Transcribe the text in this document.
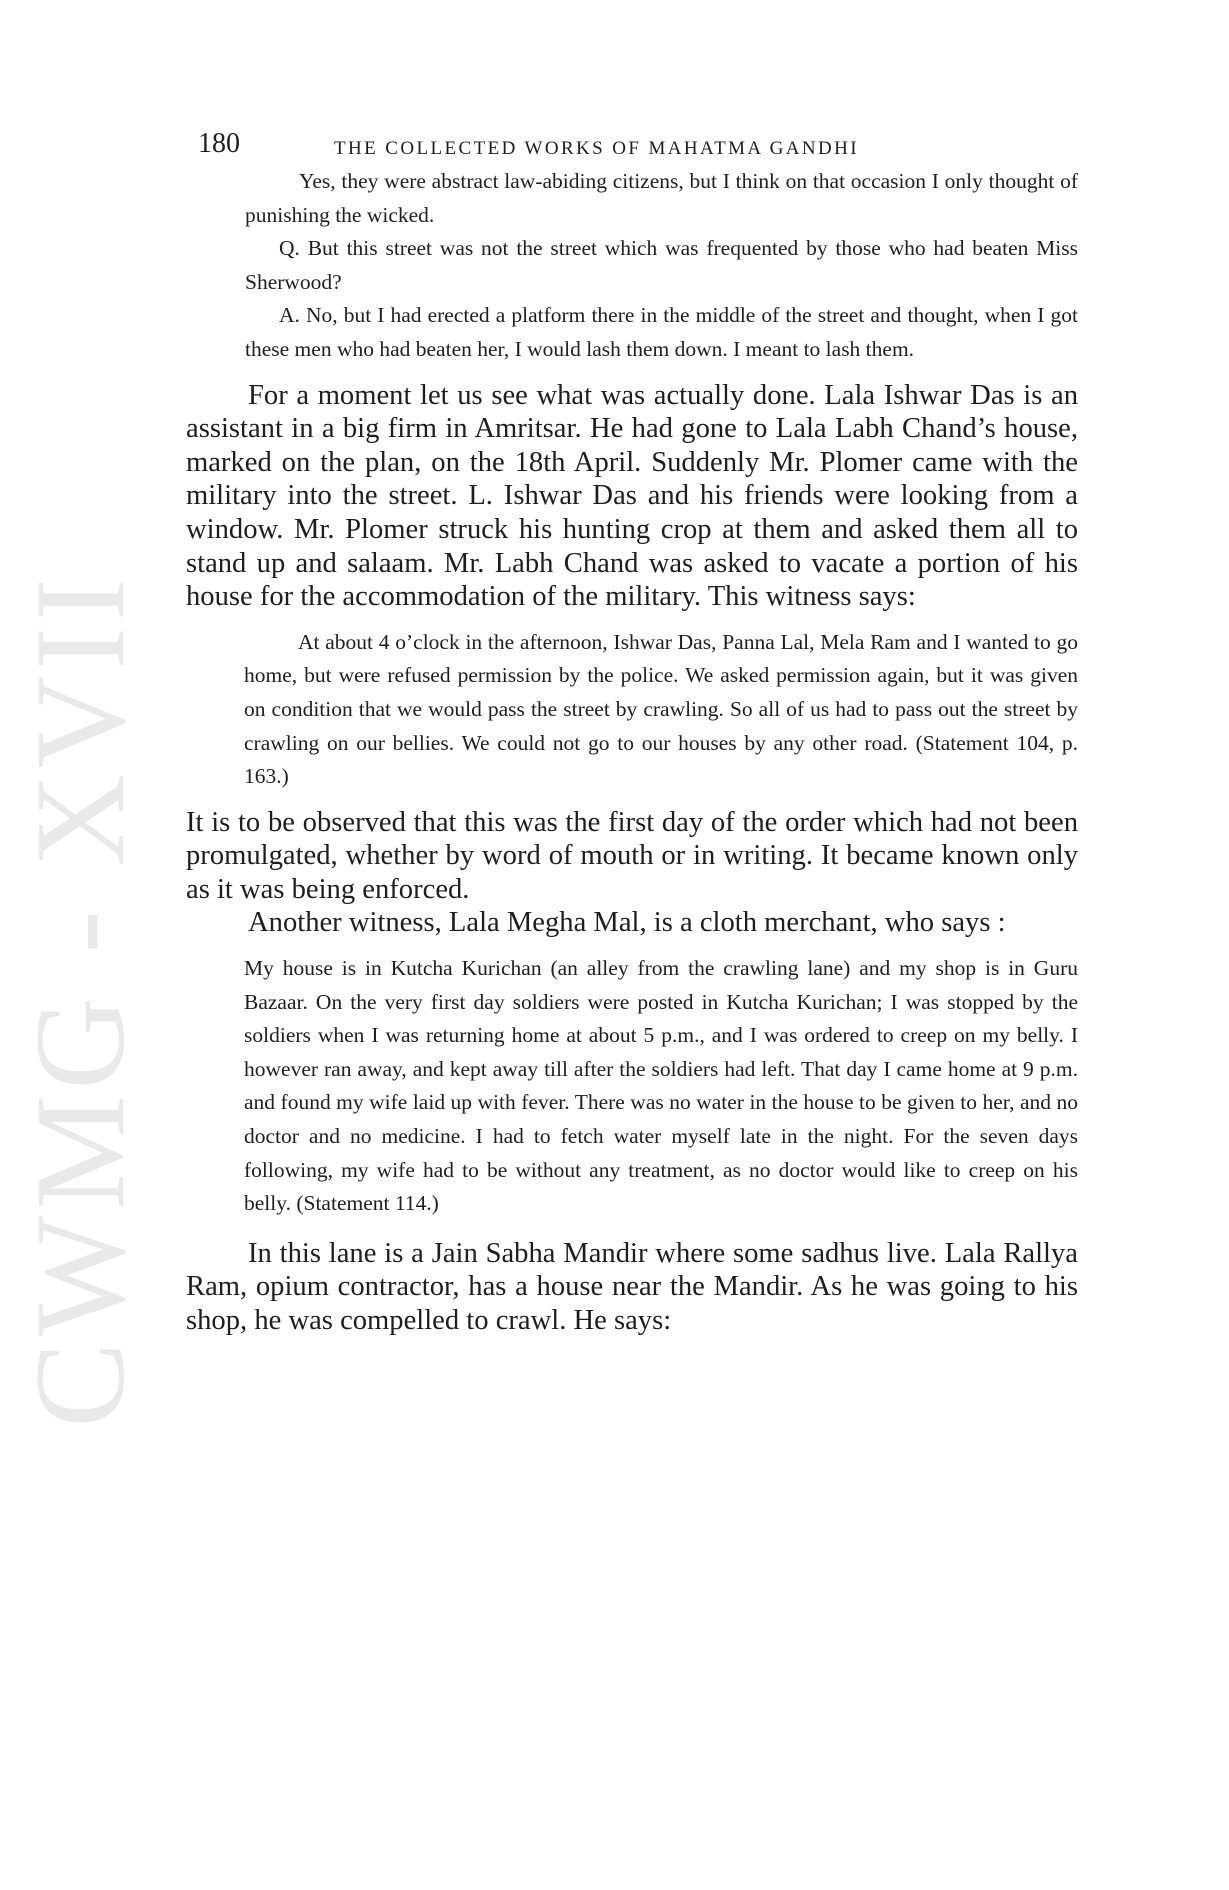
CWMG - XVII
180	THE COLLECTED WORKS OF MAHATMA GANDHI

Yes, they were abstract law-abiding citizens, but I think on that occasion I only thought of punishing the wicked.

Q. But this street was not the street which was frequented by those who had beaten Miss Sherwood?

A. No, but I had erected a platform there in the middle of the street and thought, when I got these men who had beaten her, I would lash them down. I meant to lash them.

For a moment let us see what was actually done. Lala Ishwar Das is an assistant in a big firm in Amritsar. He had gone to Lala Labh Chand’s house, marked on the plan, on the 18th April. Suddenly Mr. Plomer came with the military into the street. L. Ishwar Das and his friends were looking from a window. Mr. Plomer struck his hunting crop at them and asked them all to stand up and salaam. Mr. Labh Chand was asked to vacate a portion of his house for the accommodation of the military. This witness says:

At about 4 o’clock in the afternoon, Ishwar Das, Panna Lal, Mela Ram and I wanted to go home, but were refused permission by the police. We asked permission again, but it was given on condition that we would pass the street by crawling. So all of us had to pass out the street by crawling on our bellies. We could not go to our houses by any other road. (Statement 104, p. 163.)

It is to be observed that this was the first day of the order which had not been promulgated, whether by word of mouth or in writing. It became known only as it was being enforced.

Another witness, Lala Megha Mal, is a cloth merchant, who says :

My house is in Kutcha Kurichan (an alley from the crawling lane) and my shop is in Guru Bazaar. On the very first day soldiers were posted in Kutcha Kurichan; I was stopped by the soldiers when I was returning home at about 5 p.m., and I was ordered to creep on my belly. I however ran away, and kept away till after the soldiers had left. That day I came home at 9 p.m. and found my wife laid up with fever. There was no water in the house to be given to her, and no doctor and no medicine. I had to fetch water myself late in the night. For the seven days following, my wife had to be without any treatment, as no doctor would like to creep on his belly. (Statement 114.)

In this lane is a Jain Sabha Mandir where some sadhus live. Lala Rallya Ram, opium contractor, has a house near the Mandir. As he was going to his shop, he was compelled to crawl. He says:
